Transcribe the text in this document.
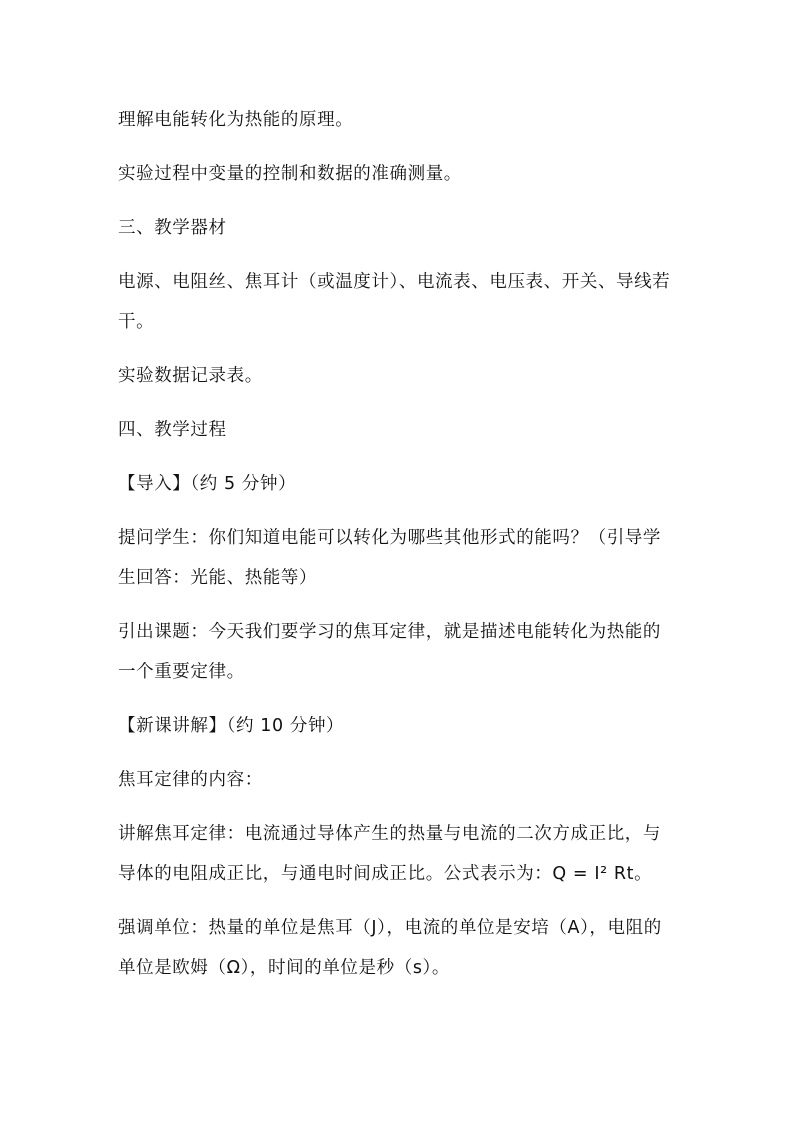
理解电能转化为热能的原理。

实验过程中变量的控制和数据的准确测量。

三、教学器材

电源、电阻丝、焦耳计（或温度计）、电流表、电压表、开关、导线若干。

实验数据记录表。

四、教学过程

【导入】（约 5 分钟）

提问学生：你们知道电能可以转化为哪些其他形式的能吗？（引导学生回答：光能、热能等）

引出课题：今天我们要学习的焦耳定律，就是描述电能转化为热能的一个重要定律。

【新课讲解】（约 10 分钟）

焦耳定律的内容：

讲解焦耳定律：电流通过导体产生的热量与电流的二次方成正比，与导体的电阻成正比，与通电时间成正比。公式表示为：Q = I² Rt。

强调单位：热量的单位是焦耳（J），电流的单位是安培（A），电阻的单位是欧姆（Ω），时间的单位是秒（s）。
